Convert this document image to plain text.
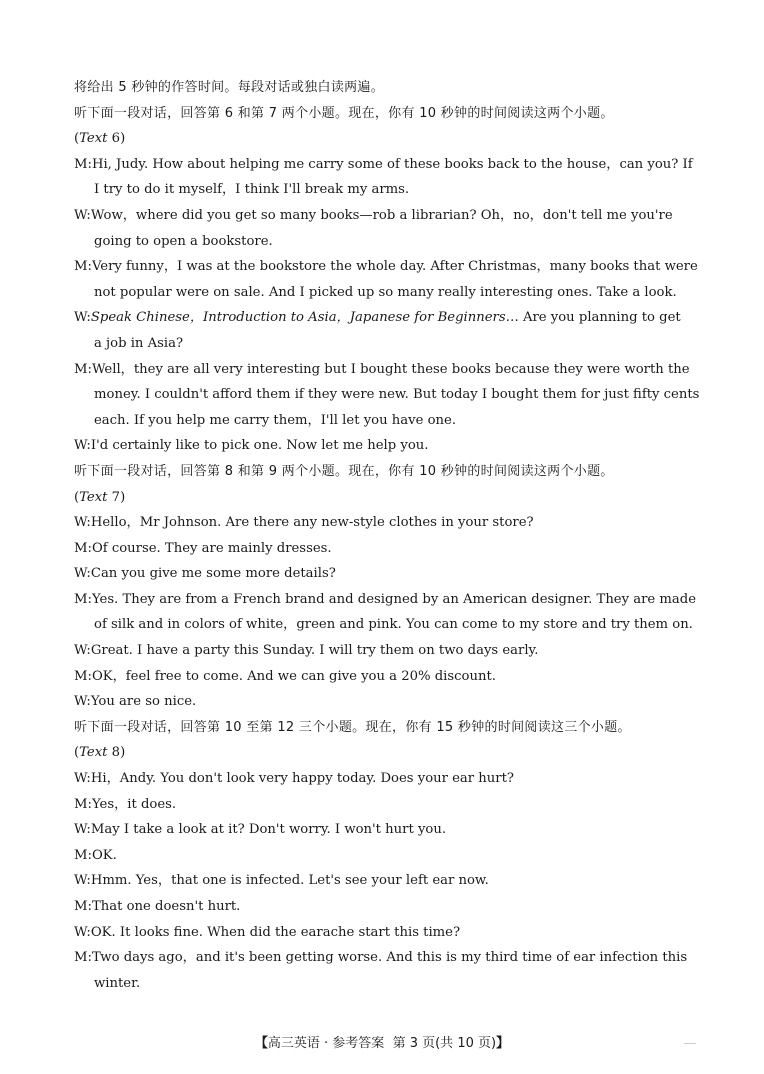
将给出 5 秒钟的作答时间。每段对话或独白读两遍。

听下面一段对话，回答第 6 和第 7 两个小题。现在，你有 10 秒钟的时间阅读这两个小题。

(Text 6)

M:Hi, Judy. How about helping me carry some of these books back to the house，can you? If

I try to do it myself，I think I'll break my arms.

W:Wow，where did you get so many books—rob a librarian? Oh，no，don't tell me you're

going to open a bookstore.

M:Very funny，I was at the bookstore the whole day. After Christmas，many books that were

not popular were on sale. And I picked up so many really interesting ones. Take a look.

W:Speak Chinese，Introduction to Asia，Japanese for Beginners… Are you planning to get

a job in Asia?

M:Well，they are all very interesting but I bought these books because they were worth the

money. I couldn't afford them if they were new. But today I bought them for just fifty cents

each. If you help me carry them，I'll let you have one.

W:I'd certainly like to pick one. Now let me help you.

听下面一段对话，回答第 8 和第 9 两个小题。现在，你有 10 秒钟的时间阅读这两个小题。

(Text 7)

W:Hello，Mr Johnson. Are there any new-style clothes in your store?

M:Of course. They are mainly dresses.

W:Can you give me some more details?

M:Yes. They are from a French brand and designed by an American designer. They are made

of silk and in colors of white，green and pink. You can come to my store and try them on.

W:Great. I have a party this Sunday. I will try them on two days early.

M:OK，feel free to come. And we can give you a 20% discount.

W:You are so nice.

听下面一段对话，回答第 10 至第 12 三个小题。现在，你有 15 秒钟的时间阅读这三个小题。

(Text 8)

W:Hi，Andy. You don't look very happy today. Does your ear hurt?

M:Yes，it does.

W:May I take a look at it? Don't worry. I won't hurt you.

M:OK.

W:Hmm. Yes，that one is infected. Let's see your left ear now.

M:That one doesn't hurt.

W:OK. It looks fine. When did the earache start this time?

M:Two days ago，and it's been getting worse. And this is my third time of ear infection this

winter.

【高三英语 · 参考答案 第 3 页(共 10 页)】
